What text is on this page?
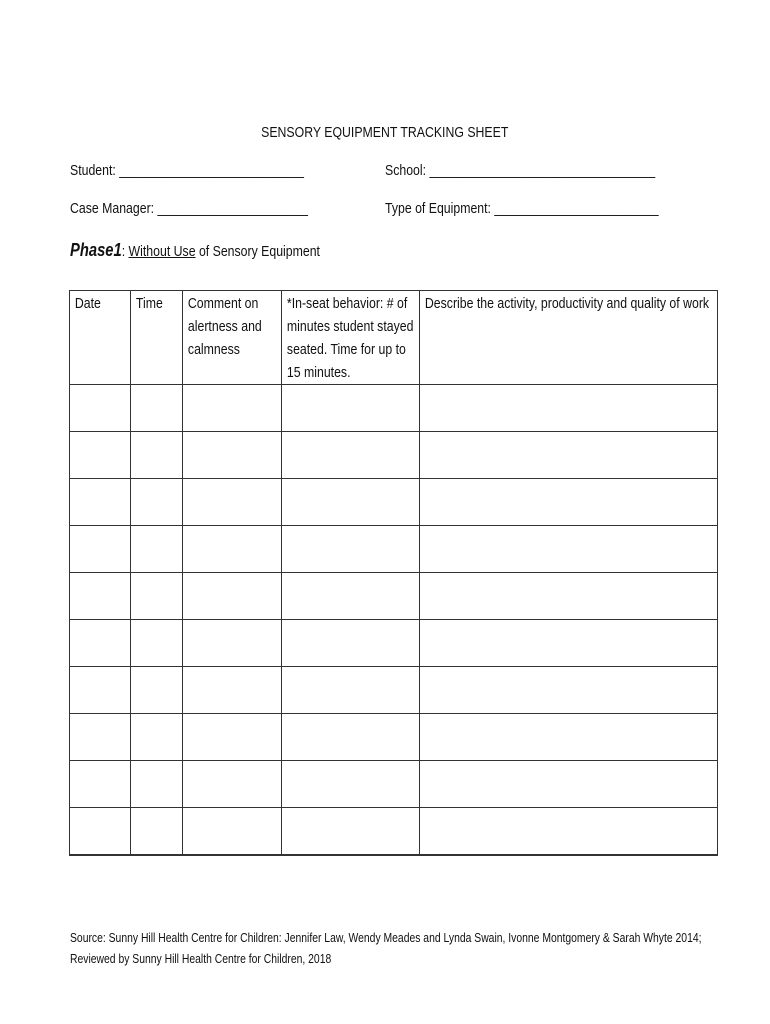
SENSORY EQUIPMENT TRACKING SHEET
Student: ___________________________	School: _________________________________
Case Manager: ______________________	Type of Equipment: ________________________
Phase1: Without Use of Sensory Equipment
Date	Time	Comment on alertness and calmness	*In-seat behavior: # of minutes student stayed seated. Time for up to 15 minutes.	Describe the activity, productivity and quality of work

Source: Sunny Hill Health Centre for Children: Jennifer Law, Wendy Meades and Lynda Swain, Ivonne Montgomery & Sarah Whyte 2014;
Reviewed by Sunny Hill Health Centre for Children, 2018
